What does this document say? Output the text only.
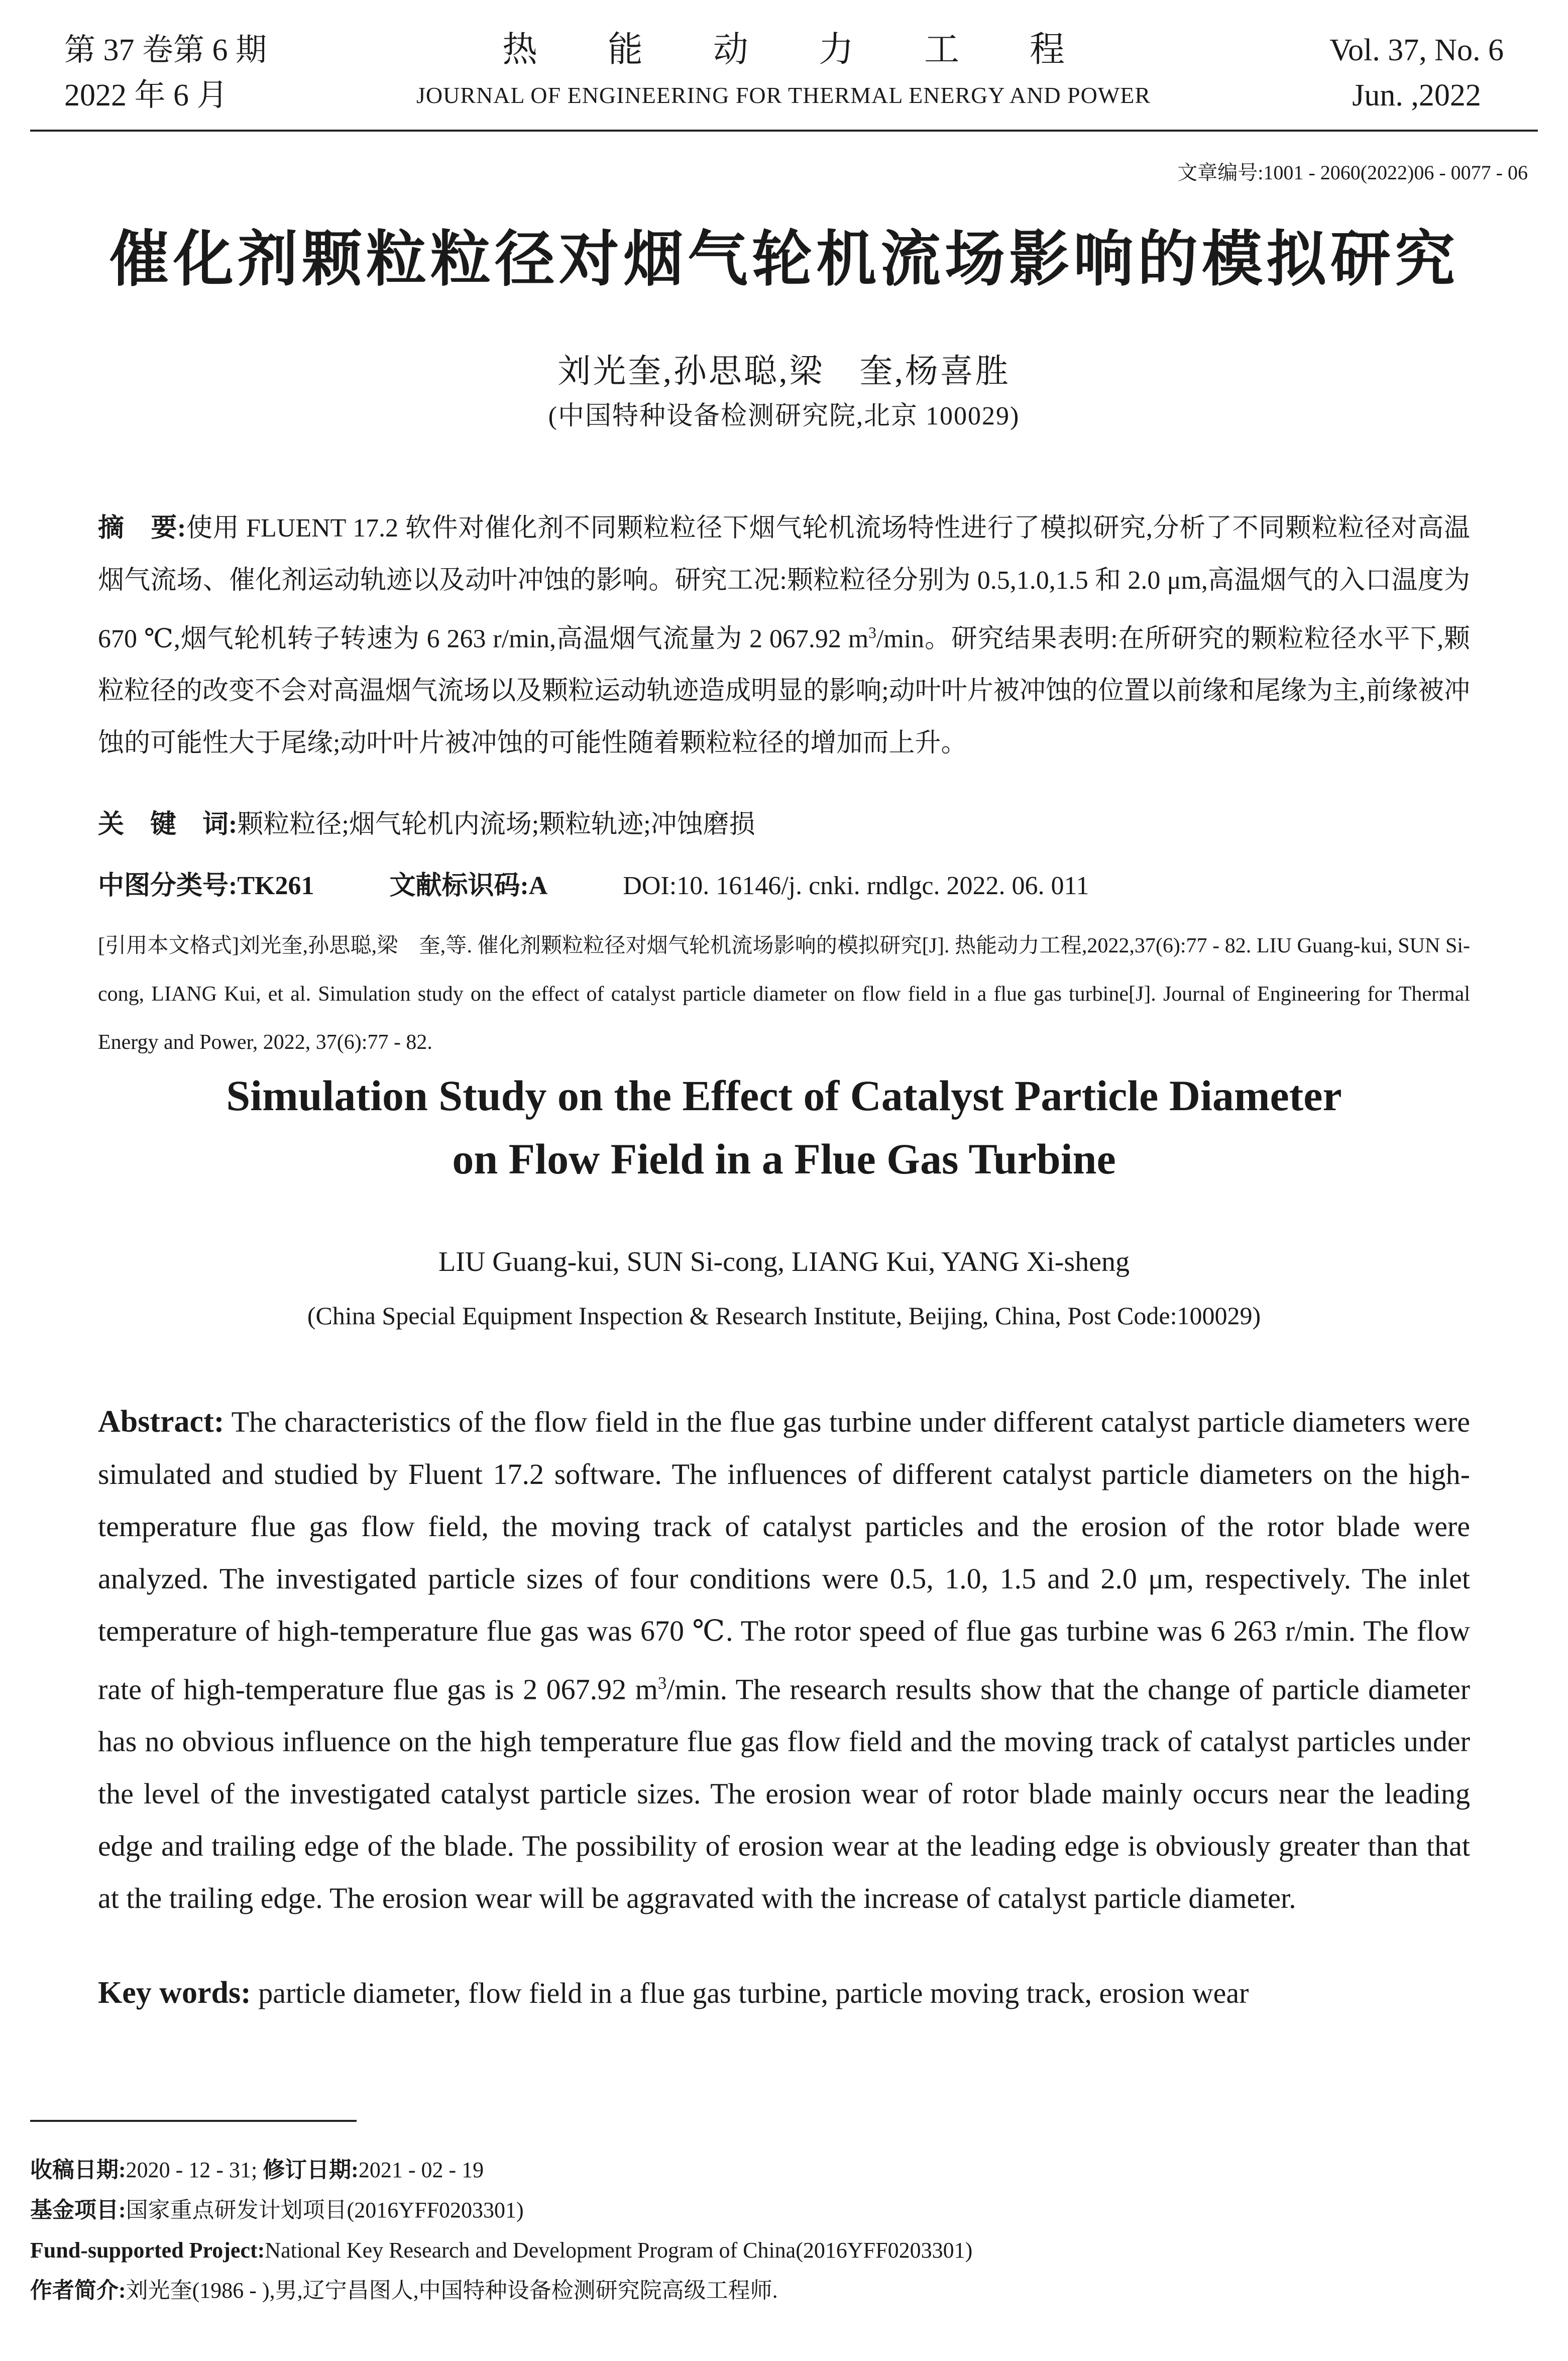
第 37 卷第 6 期
2022 年 6 月
热能动力工程
JOURNAL OF ENGINEERING FOR THERMAL ENERGY AND POWER
Vol. 37, No. 6
Jun. ,2022
文章编号:1001 - 2060(2022)06 - 0077 - 06
催化剂颗粒粒径对烟气轮机流场影响的模拟研究
刘光奎,孙思聪,梁　奎,杨喜胜
(中国特种设备检测研究院,北京 100029)
摘　要:使用 FLUENT 17.2 软件对催化剂不同颗粒粒径下烟气轮机流场特性进行了模拟研究,分析了不同颗粒粒径对高温烟气流场、催化剂运动轨迹以及动叶冲蚀的影响。研究工况:颗粒粒径分别为 0.5,1.0,1.5 和 2.0 μm,高温烟气的入口温度为 670 ℃,烟气轮机转子转速为 6 263 r/min,高温烟气流量为 2 067.92 $m^3/\min$。研究结果表明:在所研究的颗粒粒径水平下,颗粒粒径的改变不会对高温烟气流场以及颗粒运动轨迹造成明显的影响;动叶叶片被冲蚀的位置以前缘和尾缘为主,前缘被冲蚀的可能性大于尾缘;动叶叶片被冲蚀的可能性随着颗粒粒径的增加而上升。
关　键　词:颗粒粒径;烟气轮机内流场;颗粒轨迹;冲蚀磨损
中图分类号:TK261	文献标识码:A	DOI:10. 16146/j. cnki. rndlgc. 2022. 06. 011
[引用本文格式]刘光奎,孙思聪,梁　奎,等. 催化剂颗粒粒径对烟气轮机流场影响的模拟研究[J]. 热能动力工程,2022,37(6):77 - 82. LIU Guang-kui, SUN Si-cong, LIANG Kui, et al. Simulation study on the effect of catalyst particle diameter on flow field in a flue gas turbine[J]. Journal of Engineering for Thermal Energy and Power, 2022, 37(6):77 - 82.
Simulation Study on the Effect of Catalyst Particle Diameter
on Flow Field in a Flue Gas Turbine
LIU Guang-kui, SUN Si-cong, LIANG Kui, YANG Xi-sheng
(China Special Equipment Inspection & Research Institute, Beijing, China, Post Code:100029)
Abstract: The characteristics of the flow field in the flue gas turbine under different catalyst particle diameters were simulated and studied by Fluent 17.2 software. The influences of different catalyst particle diameters on the high-temperature flue gas flow field, the moving track of catalyst particles and the erosion of the rotor blade were analyzed. The investigated particle sizes of four conditions were 0.5, 1.0, 1.5 and 2.0 μm, respectively. The inlet temperature of high-temperature flue gas was 670 ℃. The rotor speed of flue gas turbine was 6 263 r/min. The flow rate of high-temperature flue gas is 2 067.92 $m^3/\min$. The research results show that the change of particle diameter has no obvious influence on the high temperature flue gas flow field and the moving track of catalyst particles under the level of the investigated catalyst particle sizes. The erosion wear of rotor blade mainly occurs near the leading edge and trailing edge of the blade. The possibility of erosion wear at the leading edge is obviously greater than that at the trailing edge. The erosion wear will be aggravated with the increase of catalyst particle diameter.
Key words: particle diameter, flow field in a flue gas turbine, particle moving track, erosion wear
收稿日期:2020 - 12 - 31; 修订日期:2021 - 02 - 19
基金项目:国家重点研发计划项目(2016YFF0203301)
Fund-supported Project:National Key Research and Development Program of China(2016YFF0203301)
作者简介:刘光奎(1986 - ),男,辽宁昌图人,中国特种设备检测研究院高级工程师.
